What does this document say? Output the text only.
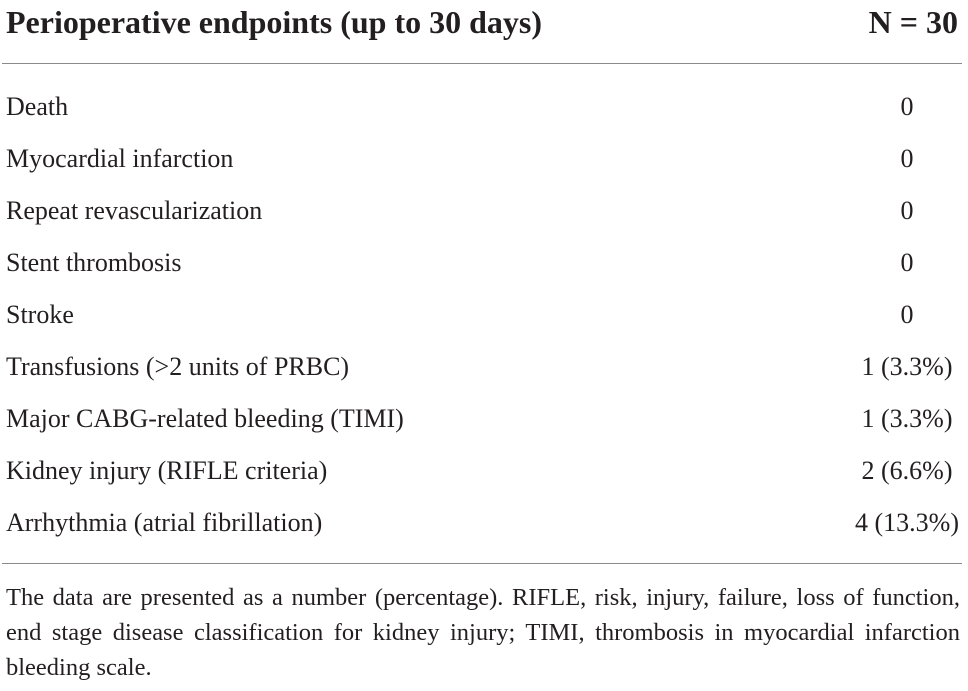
Perioperative endpoints (up to 30 days)	N = 30
Death	0
Myocardial infarction	0
Repeat revascularization	0
Stent thrombosis	0
Stroke	0
Transfusions (>2 units of PRBC)	1 (3.3%)
Major CABG-related bleeding (TIMI)	1 (3.3%)
Kidney injury (RIFLE criteria)	2 (6.6%)
Arrhythmia (atrial fibrillation)	4 (13.3%)
The data are presented as a number (percentage). RIFLE, risk, injury, failure, loss of function, end stage disease classification for kidney injury; TIMI, thrombosis in myocardial infarction bleeding scale.
